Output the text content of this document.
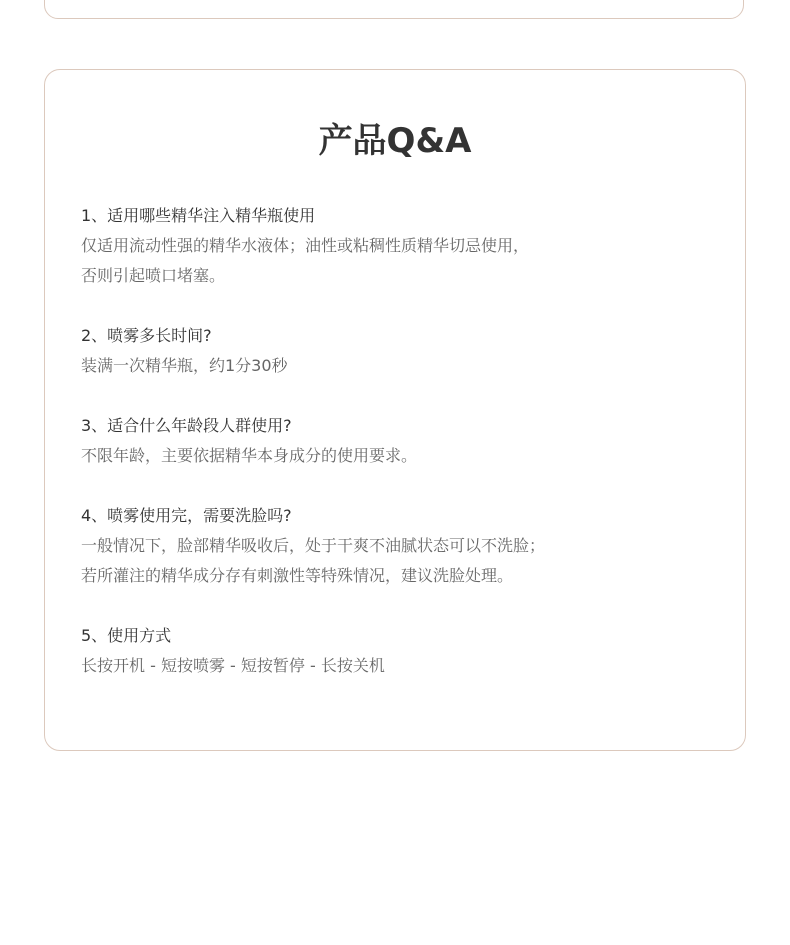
产品Q&A

1、适用哪些精华注入精华瓶使用

仅适用流动性强的精华水液体；油性或粘稠性质精华切忌使用，

否则引起喷口堵塞。

2、喷雾多长时间?

装满一次精华瓶，约1分30秒

3、适合什么年龄段人群使用?

不限年龄，主要依据精华本身成分的使用要求。

4、喷雾使用完，需要洗脸吗?

一般情况下，脸部精华吸收后，处于干爽不油腻状态可以不洗脸；

若所灌注的精华成分存有刺激性等特殊情况，建议洗脸处理。

5、使用方式

长按开机 - 短按喷雾 - 短按暂停 - 长按关机
